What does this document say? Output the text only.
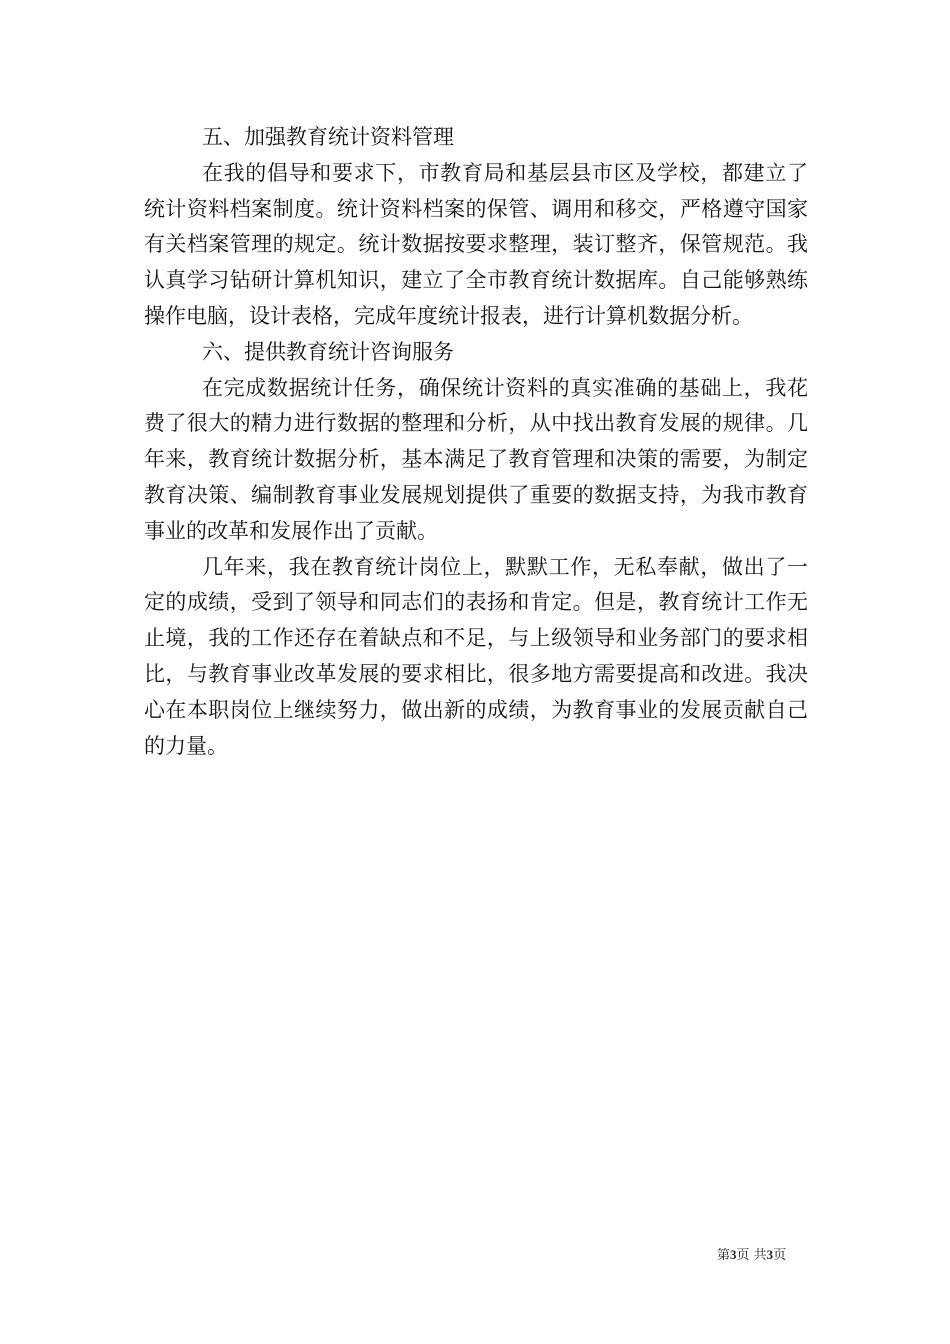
五、加强教育统计资料管理

在我的倡导和要求下，市教育局和基层县市区及学校，都建立了统计资料档案制度。统计资料档案的保管、调用和移交，严格遵守国家有关档案管理的规定。统计数据按要求整理，装订整齐，保管规范。我认真学习钻研计算机知识，建立了全市教育统计数据库。自己能够熟练操作电脑，设计表格，完成年度统计报表，进行计算机数据分析。

六、提供教育统计咨询服务

在完成数据统计任务，确保统计资料的真实准确的基础上，我花费了很大的精力进行数据的整理和分析，从中找出教育发展的规律。几年来，教育统计数据分析，基本满足了教育管理和决策的需要，为制定教育决策、编制教育事业发展规划提供了重要的数据支持，为我市教育事业的改革和发展作出了贡献。

几年来，我在教育统计岗位上，默默工作，无私奉献，做出了一定的成绩，受到了领导和同志们的表扬和肯定。但是，教育统计工作无止境，我的工作还存在着缺点和不足，与上级领导和业务部门的要求相比，与教育事业改革发展的要求相比，很多地方需要提高和改进。我决心在本职岗位上继续努力，做出新的成绩，为教育事业的发展贡献自己的力量。

第3页 共3页
